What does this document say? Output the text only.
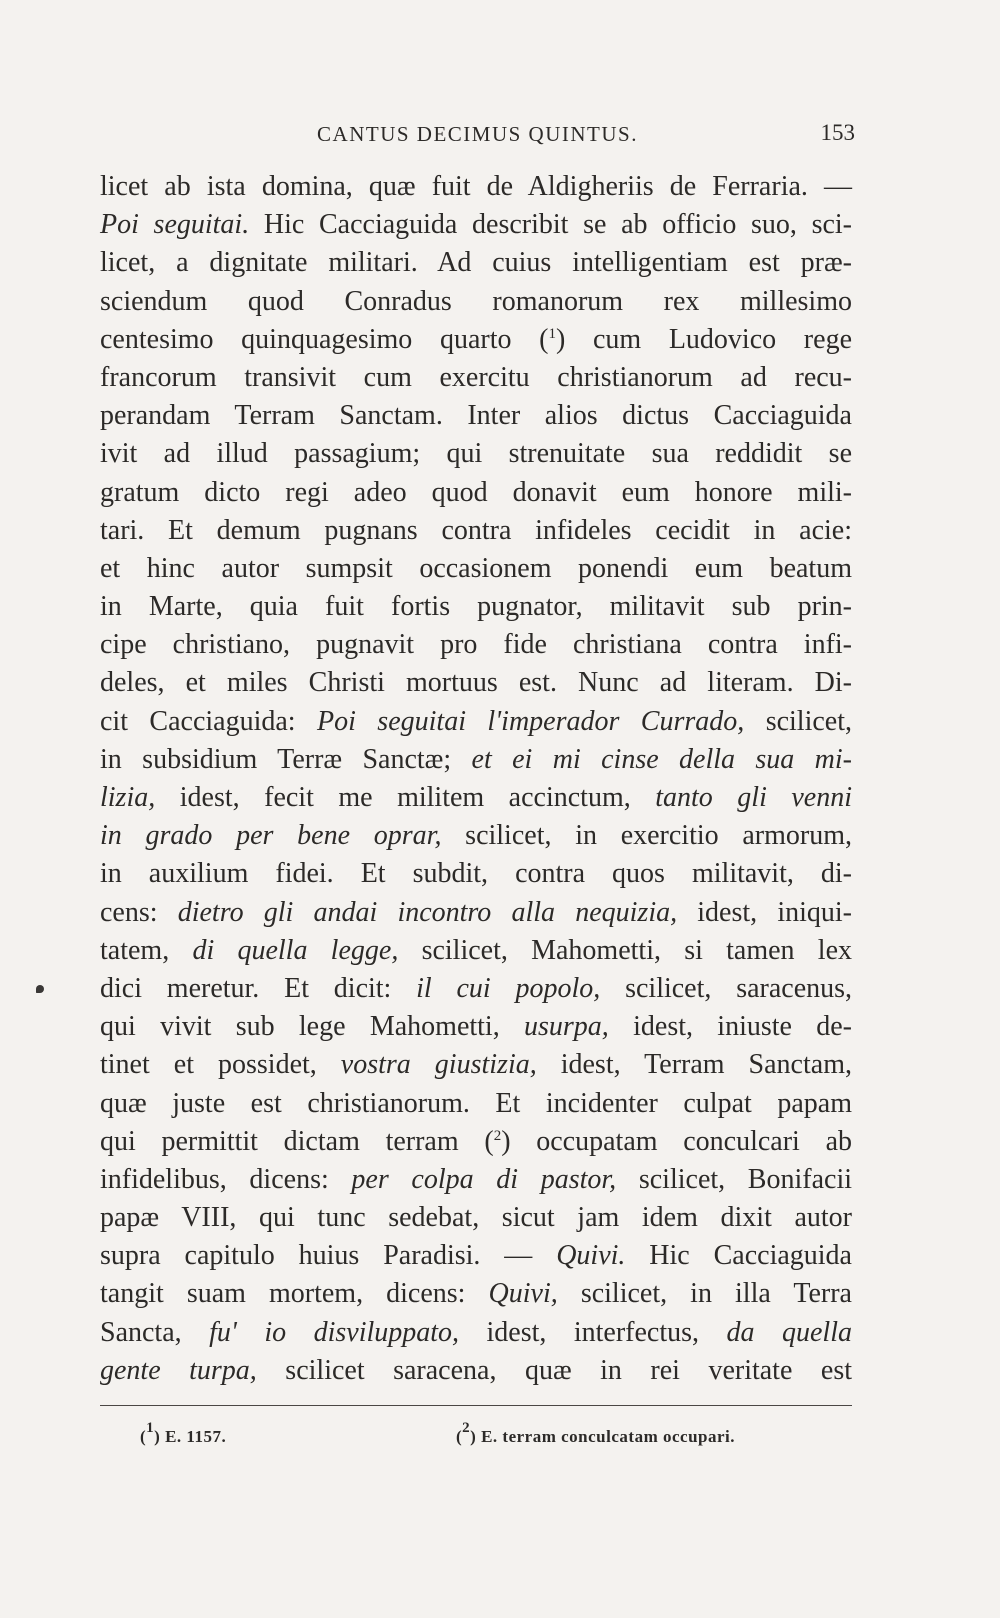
CANTUS DECIMUS QUINTUS.	153
licet ab ista domina, quæ fuit de Aldigheriis de Ferraria. —
Poi seguitai. Hic Cacciaguida describit se ab officio suo, sci-
licet, a dignitate militari. Ad cuius intelligentiam est præ-
sciendum quod Conradus romanorum rex millesimo
centesimo quinquagesimo quarto ($^1$) cum Ludovico rege
francorum transivit cum exercitu christianorum ad recu-
perandam Terram Sanctam. Inter alios dictus Cacciaguida
ivit ad illud passagium; qui strenuitate sua reddidit se
gratum dicto regi adeo quod donavit eum honore mili-
tari. Et demum pugnans contra infideles cecidit in acie:
et hinc autor sumpsit occasionem ponendi eum beatum
in Marte, quia fuit fortis pugnator, militavit sub prin-
cipe christiano, pugnavit pro fide christiana contra infi-
deles, et miles Christi mortuus est. Nunc ad literam. Di-
cit Cacciaguida: Poi seguitai l'imperador Currado, scilicet,
in subsidium Terræ Sanctæ; et ei mi cinse della sua mi-
lizia, idest, fecit me militem accinctum, tanto gli venni
in grado per bene oprar, scilicet, in exercitio armorum,
in auxilium fidei. Et subdit, contra quos militavit, di-
cens: dietro gli andai incontro alla nequizia, idest, iniqui-
tatem, di quella legge, scilicet, Mahometti, si tamen lex
dici meretur. Et dicit: il cui popolo, scilicet, saracenus,
qui vivit sub lege Mahometti, usurpa, idest, iniuste de-
tinet et possidet, vostra giustizia, idest, Terram Sanctam,
quæ juste est christianorum. Et incidenter culpat papam
qui permittit dictam terram ($^2$) occupatam conculcari ab
infidelibus, dicens: per colpa di pastor, scilicet, Bonifacii
papæ VIII, qui tunc sedebat, sicut jam idem dixit autor
supra capitulo huius Paradisi. — Quivi. Hic Cacciaguida
tangit suam mortem, dicens: Quivi, scilicet, in illa Terra
Sancta, fu' io disviluppato, idest, interfectus, da quella
gente turpa, scilicet saracena, quæ in rei veritate est
($^1$) E. 1157.	($^2$) E. terram conculcatam occupari.
